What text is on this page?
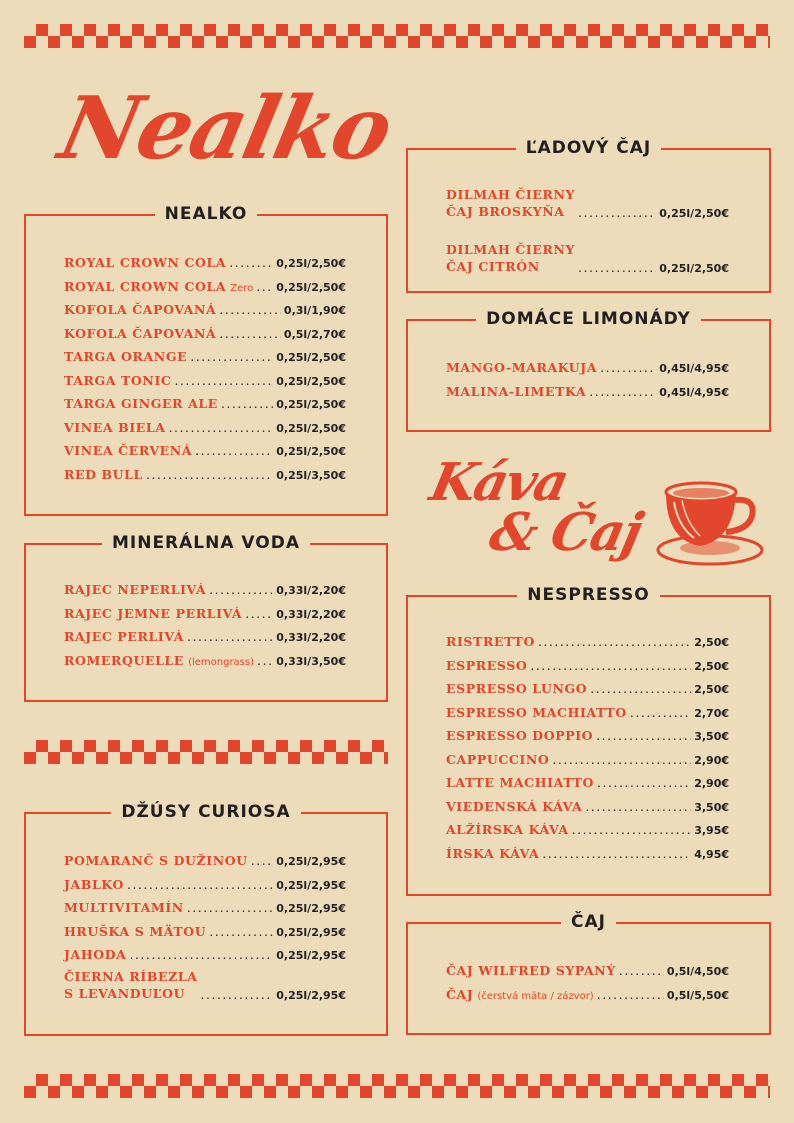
Nealko
Káva
& Čaj
NEALKO
ROYAL CROWN COLA .....	0,25l/2,50€
ROYAL CROWN COLA Zero ..... 0,25l/2,50€
KOFOLA ČAPOVANÁ .....	0,3l/1,90€
KOFOLA ČAPOVANÁ .....	0,5l/2,70€
TARGA ORANGE .....	0,25l/2,50€
TARGA TONIC .....	0,25l/2,50€
TARGA GINGER ALE .....	0,25l/2,50€
VINEA BIELA .....	0,25l/2,50€
VINEA ČERVENÁ .....	0,25l/2,50€
RED BULL .....	0,25l/3,50€
MINERÁLNA VODA
RAJEC NEPERLIVÁ .....	0,33l/2,20€
RAJEC JEMNE PERLIVÁ .....	0,33l/2,20€
RAJEC PERLIVÁ .....	0,33l/2,20€
ROMERQUELLE (lemongrass) ..... 0,33l/3,50€
DŽÚSY CURIOSA
POMARANČ S DUŽINOU .....	0,25l/2,95€
JABLKO .....	0,25l/2,95€
MULTIVITAMÍN .....	0,25l/2,95€
HRUŠKA S MÄTOU .....	0,25l/2,95€
JAHODA .....	0,25l/2,95€
ČIERNA RÍBEZLA
S LEVANDUĽOU .....	0,25l/2,95€
ĽADOVÝ ČAJ
DILMAH ČIERNY
ČAJ BROSKYŇA .....	0,25l/2,50€
DILMAH ČIERNY
ČAJ CITRÓN .....	0,25l/2,50€
DOMÁCE LIMONÁDY
MANGO-MARAKUJA .....	0,45l/4,95€
MALINA-LIMETKA .....	0,45l/4,95€
NESPRESSO
RISTRETTO .....	2,50€
ESPRESSO .....	2,50€
ESPRESSO LUNGO .....	2,50€
ESPRESSO MACHIATTO .....	2,70€
ESPRESSO DOPPIO .....	3,50€
CAPPUCCINO .....	2,90€
LATTE MACHIATTO .....	2,90€
VIEDENSKÁ KÁVA .....	3,50€
ALŽÍRSKA KÁVA .....	3,95€
ÍRSKA KÁVA .....	4,95€
ČAJ
ČAJ WILFRED SYPANÝ .....	0,5l/4,50€
ČAJ (čerstvá mäta / zázvor) .....	0,5l/5,50€
